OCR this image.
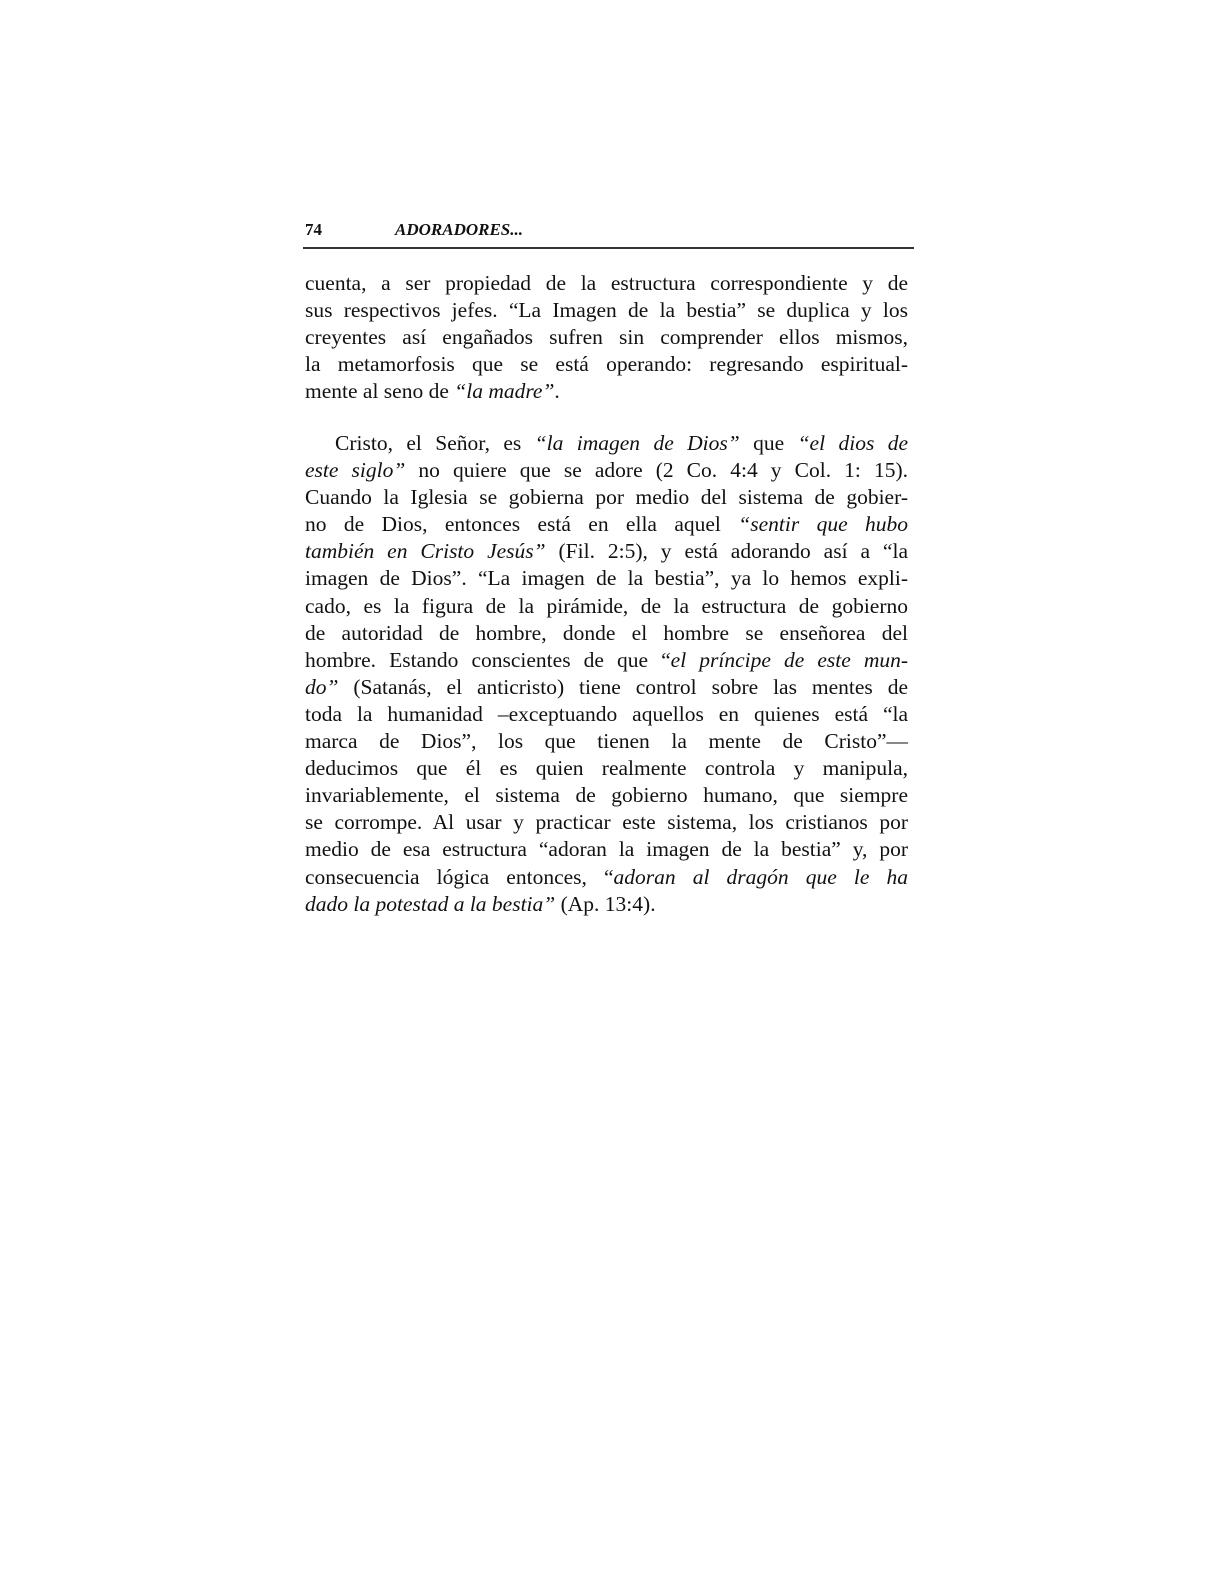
74	ADORADORES...
cuenta, a ser propiedad de la estructura correspondiente y de
sus respectivos jefes. “La Imagen de la bestia” se duplica y los
creyentes así engañados sufren sin comprender ellos mismos,
la metamorfosis que se está operando: regresando espiritual-
mente al seno de “la madre”.
Cristo, el Señor, es “la imagen de Dios” que “el dios de
este siglo” no quiere que se adore (2 Co. 4:4 y Col. 1: 15).
Cuando la Iglesia se gobierna por medio del sistema de gobier-
no de Dios, entonces está en ella aquel “sentir que hubo
también en Cristo Jesús” (Fil. 2:5), y está adorando así a “la
imagen de Dios”. “La imagen de la bestia”, ya lo hemos expli-
cado, es la figura de la pirámide, de la estructura de gobierno
de autoridad de hombre, donde el hombre se enseñorea del
hombre. Estando conscientes de que “el príncipe de este mun-
do” (Satanás, el anticristo) tiene control sobre las mentes de
toda la humanidad –exceptuando aquellos en quienes está “la
marca de Dios”, los que tienen la mente de Cristo”—
deducimos que él es quien realmente controla y manipula,
invariablemente, el sistema de gobierno humano, que siempre
se corrompe. Al usar y practicar este sistema, los cristianos por
medio de esa estructura “adoran la imagen de la bestia” y, por
consecuencia lógica entonces, “adoran al dragón que le ha
dado la potestad a la bestia” (Ap. 13:4).
